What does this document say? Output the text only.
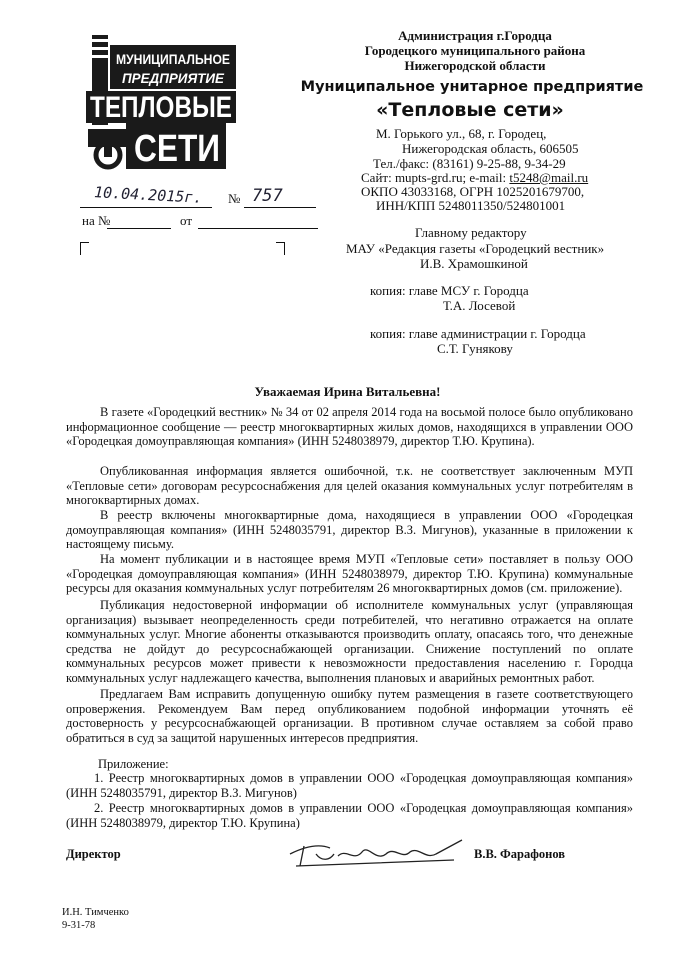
МУНИЦИПАЛЬНОЕ
ПРЕДПРИЯТИЕ
ТЕПЛОВЫЕ
СЕТИ
Администрация г.Городца
Городецкого муниципального района
Нижегородской области
Муниципальное унитарное предприятие
«Тепловые сети»
М. Горького ул., 68, г. Городец,
Нижегородская область, 606505
Тел./факс: (83161) 9-25-88, 9-34-29
Сайт: mupts-grd.ru; e-mail: t5248@mail.ru
ОКПО 43033168, ОГРН 1025201679700,
ИНН/КПП 5248011350/524801001
10.04.2015г. № 757
на №	от
Главному редактору
МАУ «Редакция газеты «Городецкий вестник»
И.В. Храмошкиной
копия: главе МСУ г. Городца
Т.А. Лосевой
копия: главе администрации г. Городца
С.Т. Гунякову
Уважаемая Ирина Витальевна!
В газете «Городецкий вестник» № 34 от 02 апреля 2014 года на восьмой полосе было опубликовано информационное сообщение — реестр многоквартирных жилых домов, находящихся в управлении ООО «Городецкая домоуправляющая компания» (ИНН 5248038979, директор Т.Ю. Крупина).
Опубликованная информация является ошибочной, т.к. не соответствует заключенным МУП «Тепловые сети» договорам ресурсоснабжения для целей оказания коммунальных услуг потребителям в многоквартирных домах.
В реестр включены многоквартирные дома, находящиеся в управлении ООО «Городецкая домоуправляющая компания» (ИНН 5248035791, директор В.З. Мигунов), указанные в приложении к настоящему письму.
На момент публикации и в настоящее время МУП «Тепловые сети» поставляет в пользу ООО «Городецкая домоуправляющая компания» (ИНН 5248038979, директор Т.Ю. Крупина) коммунальные ресурсы для оказания коммунальных услуг потребителям 26 многоквартирных домов (см. приложение).
Публикация недостоверной информации об исполнителе коммунальных услуг (управляющая организация) вызывает неопределенность среди потребителей, что негативно отражается на оплате коммунальных услуг. Многие абоненты отказываются производить оплату, опасаясь того, что денежные средства не дойдут до ресурсоснабжающей организации. Снижение поступлений по оплате коммунальных ресурсов может привести к невозможности предоставления населению г. Городца коммунальных услуг надлежащего качества, выполнения плановых и аварийных ремонтных работ.
Предлагаем Вам исправить допущенную ошибку путем размещения в газете соответствующего опровержения. Рекомендуем Вам перед опубликованием подобной информации уточнять её достоверность у ресурсоснабжающей организации. В противном случае оставляем за собой право обратиться в суд за защитой нарушенных интересов предприятия.
Приложение:
1. Реестр многоквартирных домов в управлении ООО «Городецкая домоуправляющая компания» (ИНН 5248035791, директор В.З. Мигунов)
2. Реестр многоквартирных домов в управлении ООО «Городецкая домоуправляющая компания» (ИНН 5248038979, директор Т.Ю. Крупина)
Директор	В.В. Фарафонов
И.Н. Тимченко
9-31-78
